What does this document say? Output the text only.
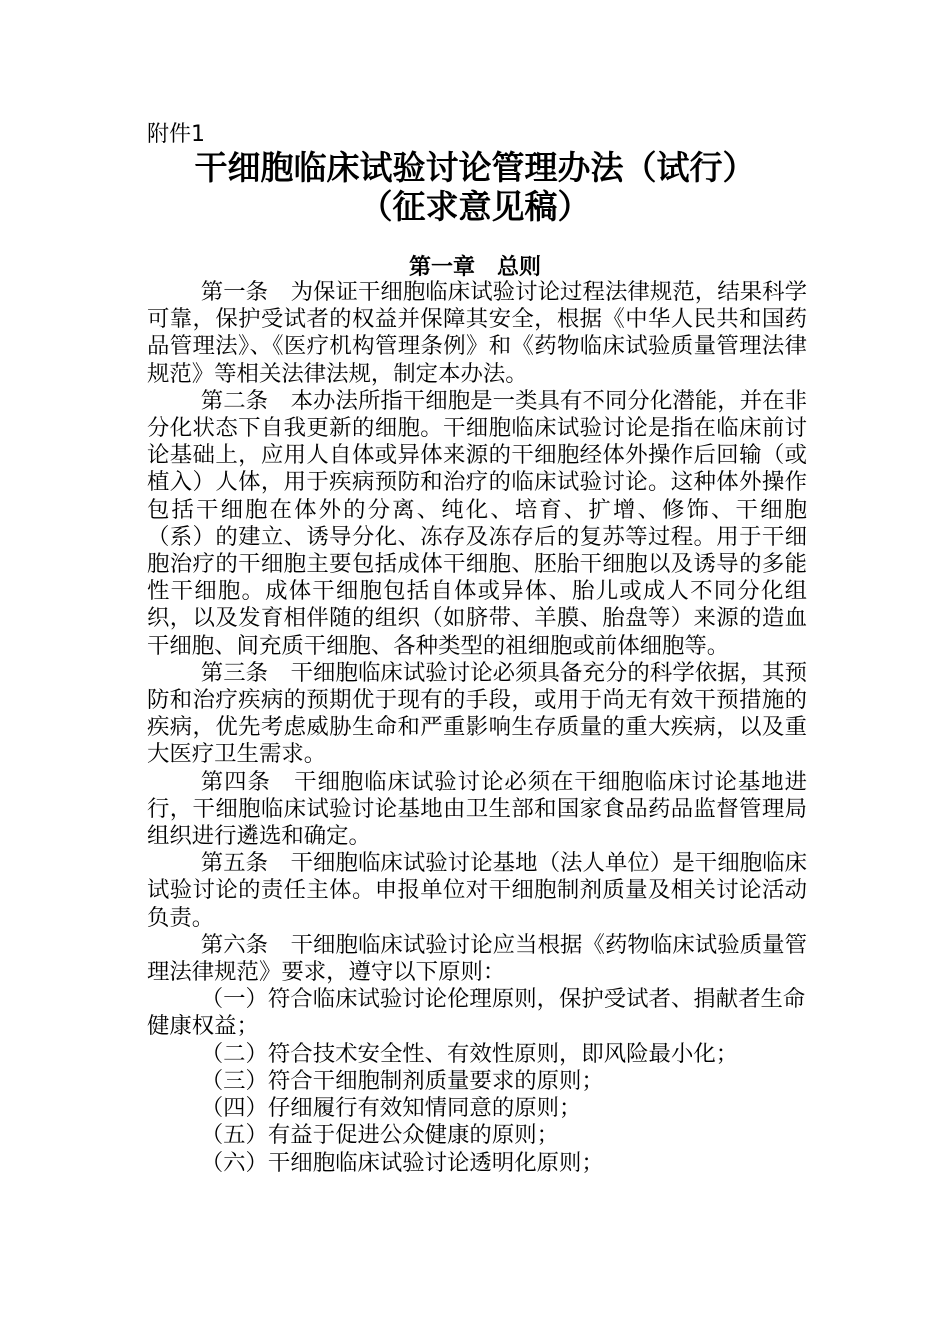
附件1
干细胞临床试验讨论管理办法（试行）
（征求意见稿）
第一章　总则

第一条　为保证干细胞临床试验讨论过程法律规范，结果科学可靠，保护受试者的权益并保障其安全，根据《中华人民共和国药品管理法》、《医疗机构管理条例》和《药物临床试验质量管理法律规范》等相关法律法规，制定本办法。

第二条　本办法所指干细胞是一类具有不同分化潜能，并在非分化状态下自我更新的细胞。干细胞临床试验讨论是指在临床前讨论基础上，应用人自体或异体来源的干细胞经体外操作后回输（或植入）人体，用于疾病预防和治疗的临床试验讨论。这种体外操作包括干细胞在体外的分离、纯化、培育、扩增、修饰、干细胞（系）的建立、诱导分化、冻存及冻存后的复苏等过程。用于干细胞治疗的干细胞主要包括成体干细胞、胚胎干细胞以及诱导的多能性干细胞。成体干细胞包括自体或异体、胎儿或成人不同分化组织，以及发育相伴随的组织（如脐带、羊膜、胎盘等）来源的造血干细胞、间充质干细胞、各种类型的祖细胞或前体细胞等。

第三条　干细胞临床试验讨论必须具备充分的科学依据，其预防和治疗疾病的预期优于现有的手段，或用于尚无有效干预措施的疾病，优先考虑威胁生命和严重影响生存质量的重大疾病，以及重大医疗卫生需求。

第四条　干细胞临床试验讨论必须在干细胞临床讨论基地进行，干细胞临床试验讨论基地由卫生部和国家食品药品监督管理局组织进行遴选和确定。

第五条　干细胞临床试验讨论基地（法人单位）是干细胞临床试验讨论的责任主体。申报单位对干细胞制剂质量及相关讨论活动负责。

第六条　干细胞临床试验讨论应当根据《药物临床试验质量管理法律规范》要求，遵守以下原则：

（一）符合临床试验讨论伦理原则，保护受试者、捐献者生命健康权益；

（二）符合技术安全性、有效性原则，即风险最小化；

（三）符合干细胞制剂质量要求的原则；

（四）仔细履行有效知情同意的原则；

（五）有益于促进公众健康的原则；

（六）干细胞临床试验讨论透明化原则；
